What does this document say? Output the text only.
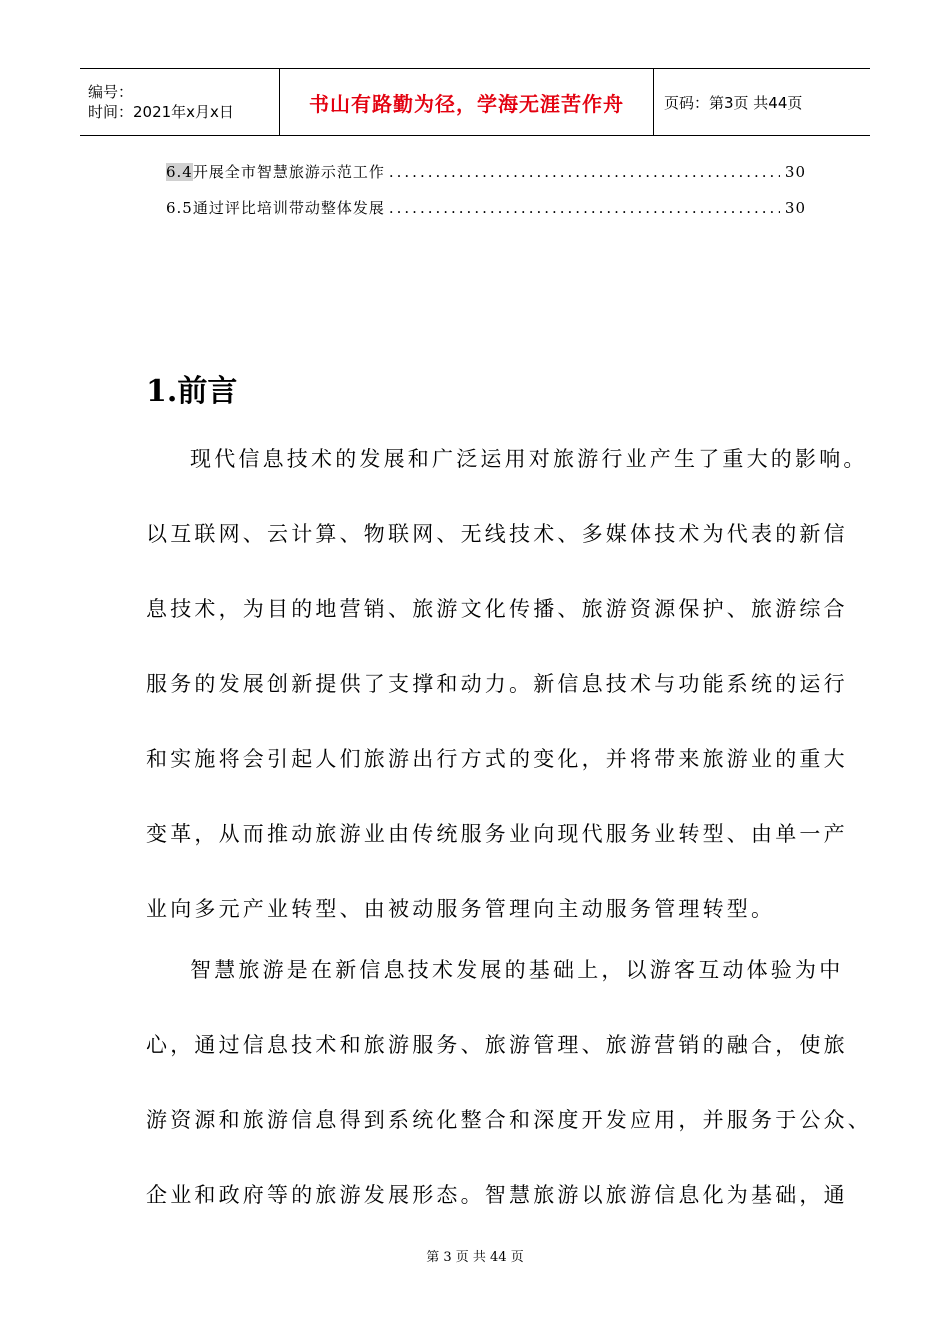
编号：
时间：2021年x月x日	书山有路勤为径，学海无涯苦作舟	页码：第3页 共44页
6.4 开展全市智慧旅游示范工作 .....	30
6.5 通过评比培训带动整体发展 .....	30
1.前言
现代信息技术的发展和广泛运用对旅游行业产生了重大的影响。
以互联网、云计算、物联网、无线技术、多媒体技术为代表的新信
息技术，为目的地营销、旅游文化传播、旅游资源保护、旅游综合
服务的发展创新提供了支撑和动力。新信息技术与功能系统的运行
和实施将会引起人们旅游出行方式的变化，并将带来旅游业的重大
变革，从而推动旅游业由传统服务业向现代服务业转型、由单一产
业向多元产业转型、由被动服务管理向主动服务管理转型。
智慧旅游是在新信息技术发展的基础上，以游客互动体验为中
心，通过信息技术和旅游服务、旅游管理、旅游营销的融合，使旅
游资源和旅游信息得到系统化整合和深度开发应用，并服务于公众、
企业和政府等的旅游发展形态。智慧旅游以旅游信息化为基础，通
第 3 页 共 44 页
